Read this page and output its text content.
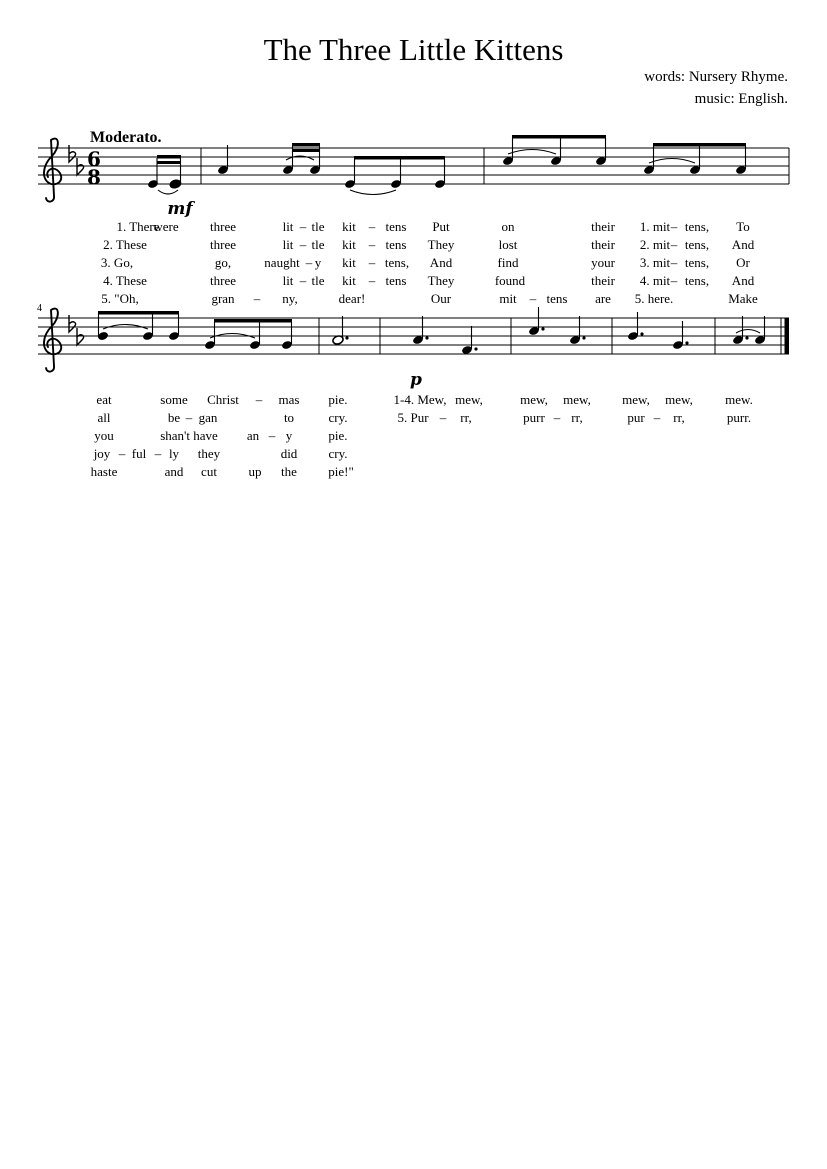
The Three Little Kittens
words: Nursery Rhyme.
music: English.
Moderato.
4
6
8
mf
p
1. There
were three	lit – tle kit – tens Put	on	their 1. mit – tens, To
2. These	three	lit – tle kit – tens They	lost	their 2. mit – tens, And
3. Go,	go,	naught – y kit – tens, And	find	your 3. mit – tens, Or
4. These	three	lit – tle kit – tens They	found	their 4. mit – tens, And
5. "Oh,	gran – ny,	dear!	Our	mit – tens are 5. here.	Make
eat	some Christ – mas pie.	1-4. Mew, mew,	mew, mew, mew, mew, mew.
all	be – gan	to	cry.	5. Pur – rr,	purr – rr,	pur – rr,	purr.
you	shan't have an – y	pie.
joy – ful – ly they	did cry.
haste	and cut up the pie!"
